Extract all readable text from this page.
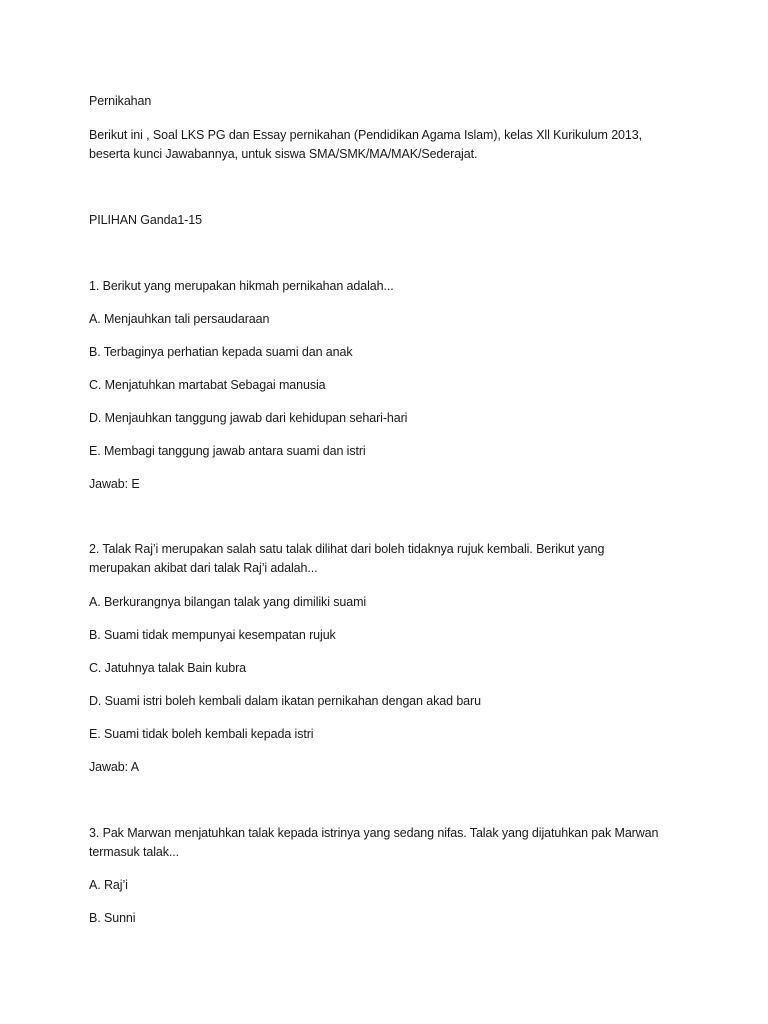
Pernikahan
Berikut ini , Soal LKS PG dan Essay pernikahan (Pendidikan Agama Islam), kelas Xll Kurikulum 2013,
beserta kunci Jawabannya, untuk siswa SMA/SMK/MA/MAK/Sederajat.
PILIHAN Ganda1-15
1. Berikut yang merupakan hikmah pernikahan adalah...
A. Menjauhkan tali persaudaraan
B. Terbaginya perhatian kepada suami dan anak
C. Menjatuhkan martabat Sebagai manusia
D. Menjauhkan tanggung jawab dari kehidupan sehari-hari
E. Membagi tanggung jawab antara suami dan istri
Jawab: E
2. Talak Raj’i merupakan salah satu talak dilihat dari boleh tidaknya rujuk kembali. Berikut yang
merupakan akibat dari talak Raj’i adalah...
A. Berkurangnya bilangan talak yang dimiliki suami
B. Suami tidak mempunyai kesempatan rujuk
C. Jatuhnya talak Bain kubra
D. Suami istri boleh kembali dalam ikatan pernikahan dengan akad baru
E. Suami tidak boleh kembali kepada istri
Jawab: A
3. Pak Marwan menjatuhkan talak kepada istrinya yang sedang nifas. Talak yang dijatuhkan pak Marwan
termasuk talak...
A. Raj’i
B. Sunni
